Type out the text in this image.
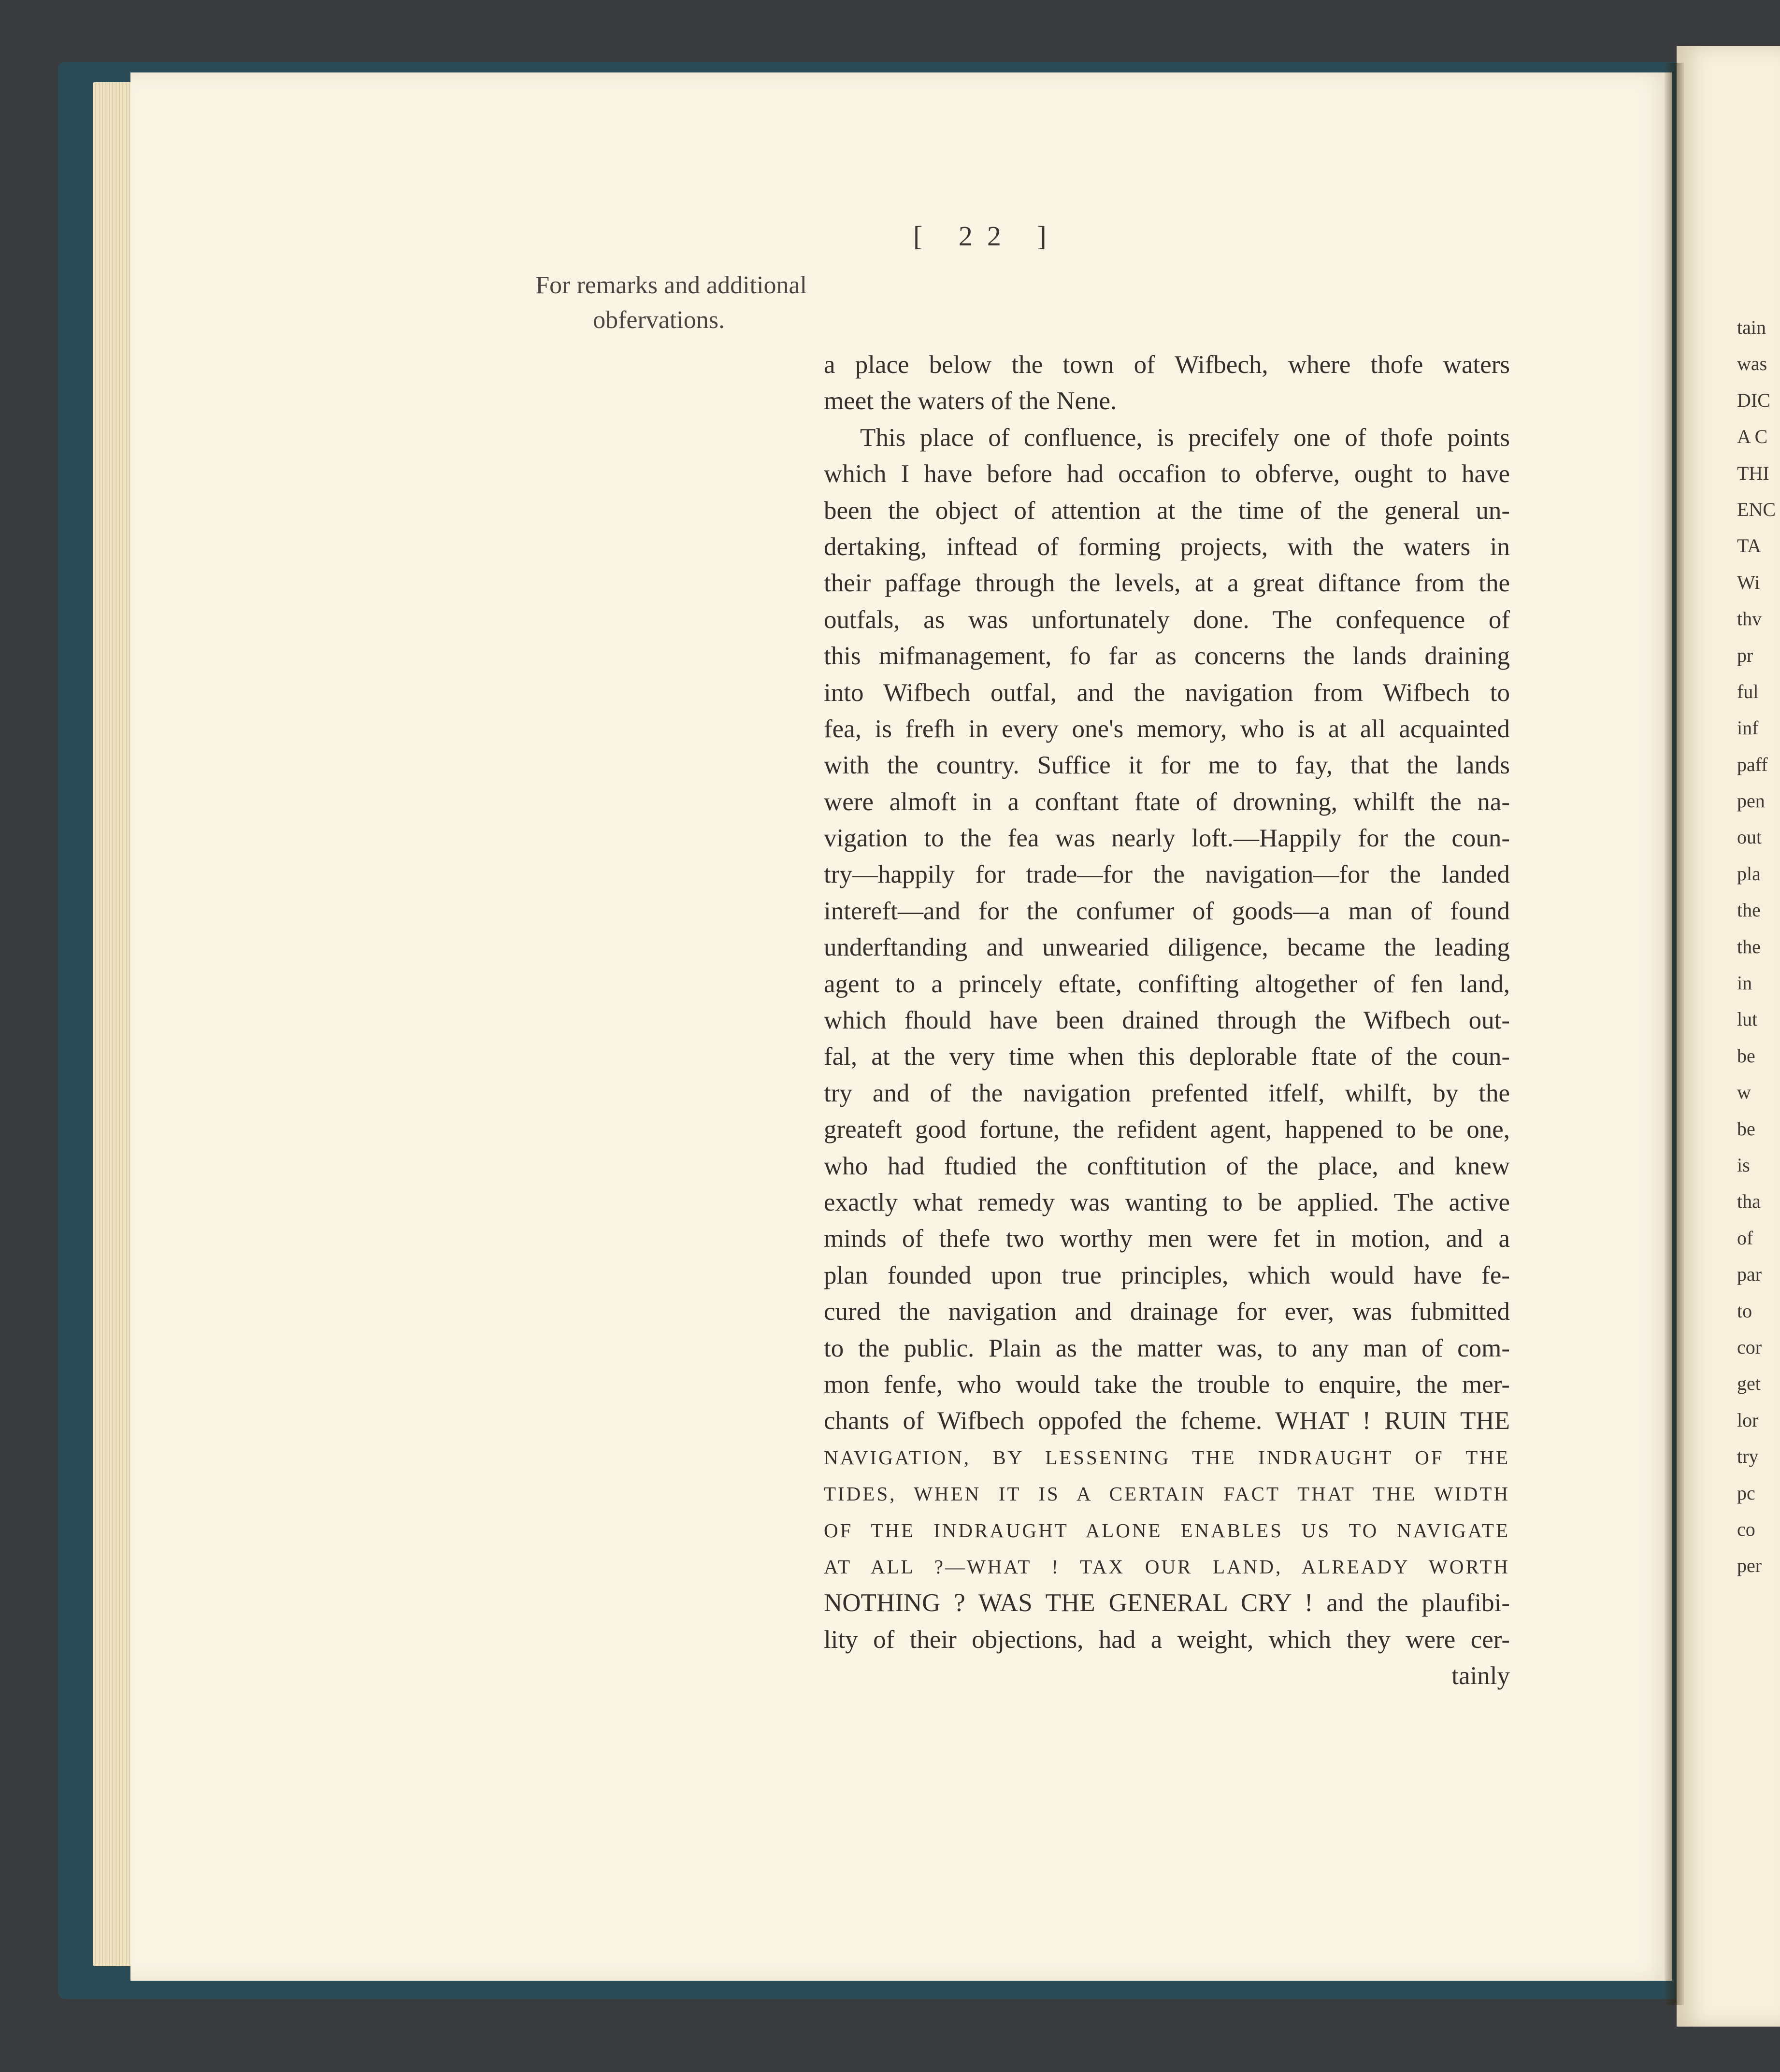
[ 22 ]
For remarks and additional
obfervations.
a place below the town of Wifbech, where thofe waters
meet the waters of the Nene.
This place of confluence, is precifely one of thofe points
which I have before had occafion to obferve, ought to have
been the object of attention at the time of the general un-
dertaking, inftead of forming projects, with the waters in
their paffage through the levels, at a great diftance from the
outfals, as was unfortunately done. The confequence of
this mifmanagement, fo far as concerns the lands draining
into Wifbech outfal, and the navigation from Wifbech to
fea, is frefh in every one's memory, who is at all acquainted
with the country. Suffice it for me to fay, that the lands
were almoft in a conftant ftate of drowning, whilft the na-
vigation to the fea was nearly loft.—Happily for the coun-
try—happily for trade—for the navigation—for the landed
intereft—and for the confumer of goods—a man of found
underftanding and unwearied diligence, became the leading
agent to a princely eftate, confifting altogether of fen land,
which fhould have been drained through the Wifbech out-
fal, at the very time when this deplorable ftate of the coun-
try and of the navigation prefented itfelf, whilft, by the
greateft good fortune, the refident agent, happened to be one,
who had ftudied the conftitution of the place, and knew
exactly what remedy was wanting to be applied. The active
minds of thefe two worthy men were fet in motion, and a
plan founded upon true principles, which would have fe-
cured the navigation and drainage for ever, was fubmitted
to the public. Plain as the matter was, to any man of com-
mon fenfe, who would take the trouble to enquire, the mer-
chants of Wifbech oppofed the fcheme. WHAT ! RUIN THE
NAVIGATION, BY LESSENING THE INDRAUGHT OF THE
TIDES, WHEN IT IS A CERTAIN FACT THAT THE WIDTH
OF THE INDRAUGHT ALONE ENABLES US TO NAVIGATE
AT ALL ?—WHAT ! TAX OUR LAND, ALREADY WORTH
NOTHING ? WAS THE GENERAL CRY ! and the plaufibi-
lity of their objections, had a weight, which they were cer-
tainly
tain
was
DIC
A C
THI
ENC
TA
Wi
thv
pr
ful
inf
paff
pen
out
pla
the
the
in
lut
be
w
be
is
tha
of
par
to
cor
get
lor
try
pc
co
per
